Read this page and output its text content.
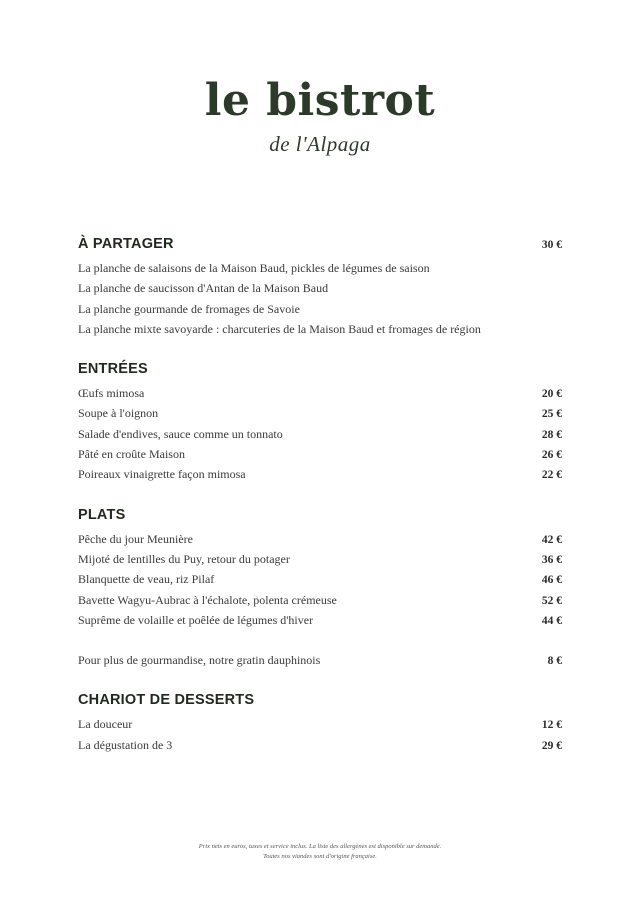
le bistrot
de l'Alpaga
À PARTAGER	30 €
La planche de salaisons de la Maison Baud, pickles de légumes de saison
La planche de saucisson d'Antan de la Maison Baud
La planche gourmande de fromages de Savoie
La planche mixte savoyarde : charcuteries de la Maison Baud et fromages de région
ENTRÉES
Œufs mimosa	20 €
Soupe à l'oignon	25 €
Salade d'endives, sauce comme un tonnato	28 €
Pâté en croûte Maison	26 €
Poireaux vinaigrette façon mimosa	22 €
PLATS
Pêche du jour Meunière	42 €
Mijoté de lentilles du Puy, retour du potager	36 €
Blanquette de veau, riz Pilaf	46 €
Bavette Wagyu-Aubrac à l'échalote, polenta crémeuse	52 €
Suprême de volaille et poêlée de légumes d'hiver	44 €
Pour plus de gourmandise, notre gratin dauphinois	8 €
CHARIOT DE DESSERTS
La douceur	12 €
La dégustation de 3	29 €
Prix nets en euros, taxes et service inclus. La liste des allergènes est disponible sur demande.
Toutes nos viandes sont d'origine française.
